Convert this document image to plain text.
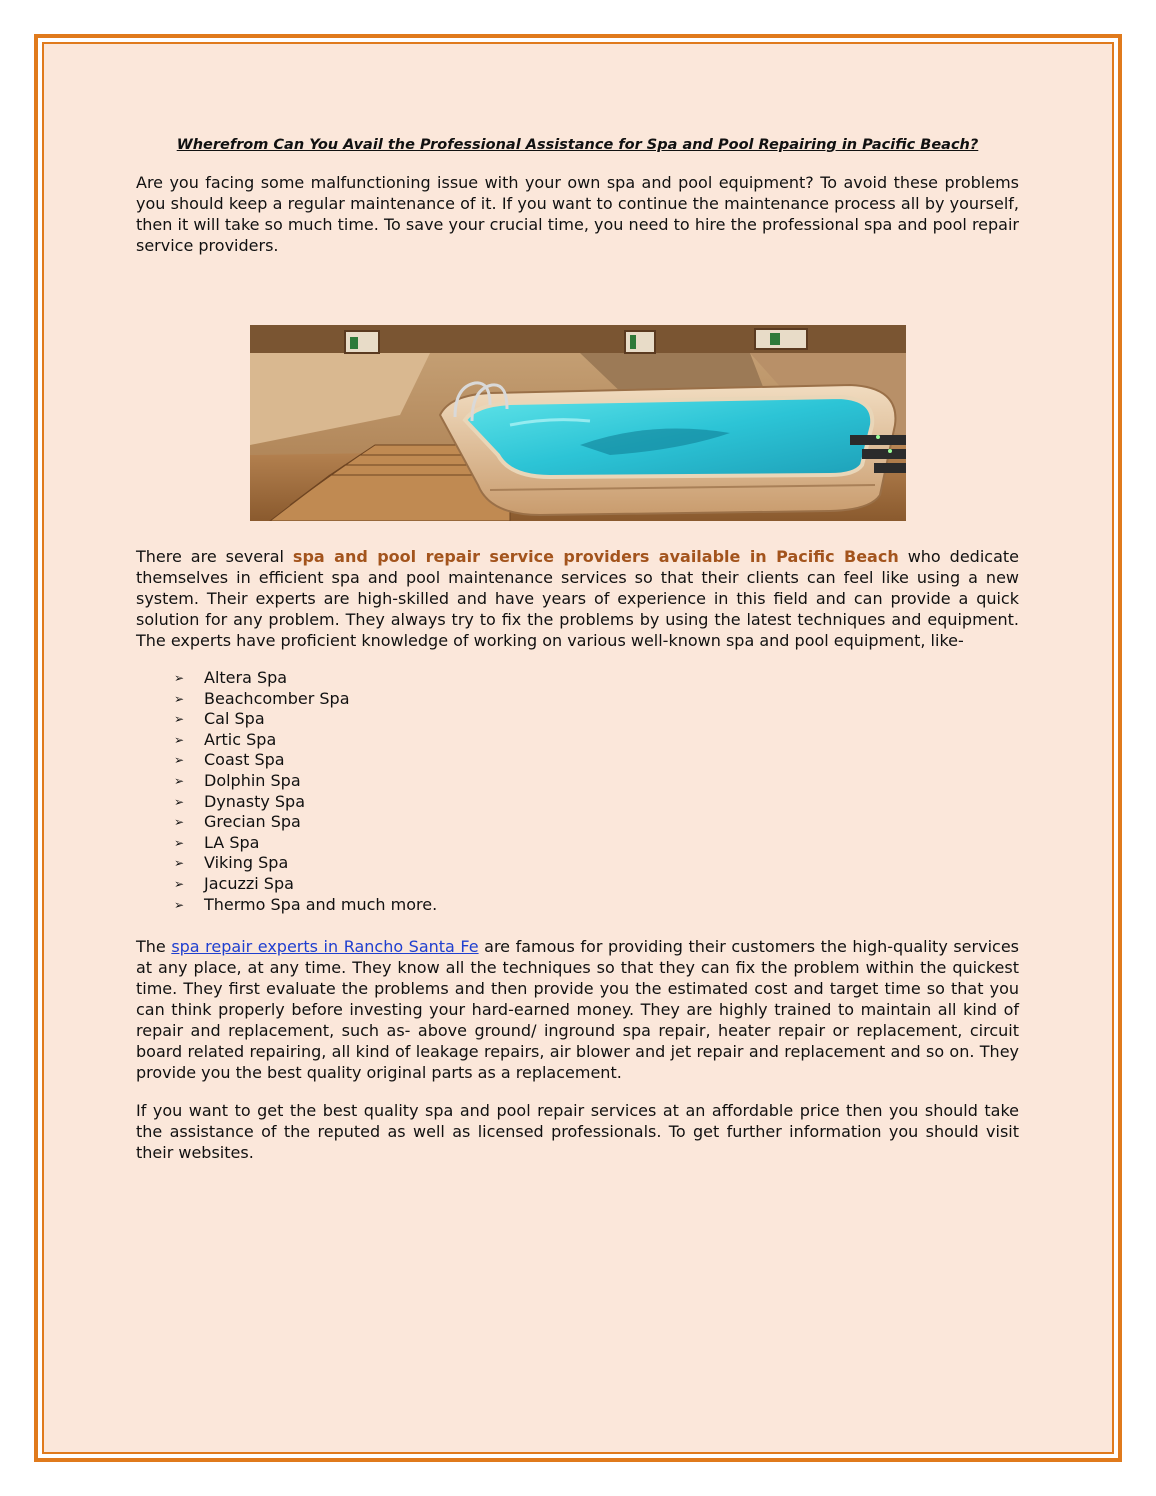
Wherefrom Can You Avail the Professional Assistance for Spa and Pool Repairing in Pacific Beach?

Are you facing some malfunctioning issue with your own spa and pool equipment? To avoid these problems you should keep a regular maintenance of it. If you want to continue the maintenance process all by yourself, then it will take so much time. To save your crucial time, you need to hire the professional spa and pool repair service providers.

There are several spa and pool repair service providers available in Pacific Beach who dedicate themselves in efficient spa and pool maintenance services so that their clients can feel like using a new system. Their experts are high-skilled and have years of experience in this field and can provide a quick solution for any problem. They always try to fix the problems by using the latest techniques and equipment. The experts have proficient knowledge of working on various well-known spa and pool equipment, like-

➢ Altera Spa
➢ Beachcomber Spa
➢ Cal Spa
➢ Artic Spa
➢ Coast Spa
➢ Dolphin Spa
➢ Dynasty Spa
➢ Grecian Spa
➢ LA Spa
➢ Viking Spa
➢ Jacuzzi Spa
➢ Thermo Spa and much more.

The spa repair experts in Rancho Santa Fe are famous for providing their customers the high-quality services at any place, at any time. They know all the techniques so that they can fix the problem within the quickest time. They first evaluate the problems and then provide you the estimated cost and target time so that you can think properly before investing your hard-earned money. They are highly trained to maintain all kind of repair and replacement, such as- above ground/ inground spa repair, heater repair or replacement, circuit board related repairing, all kind of leakage repairs, air blower and jet repair and replacement and so on. They provide you the best quality original parts as a replacement.

If you want to get the best quality spa and pool repair services at an affordable price then you should take the assistance of the reputed as well as licensed professionals. To get further information you should visit their websites.
